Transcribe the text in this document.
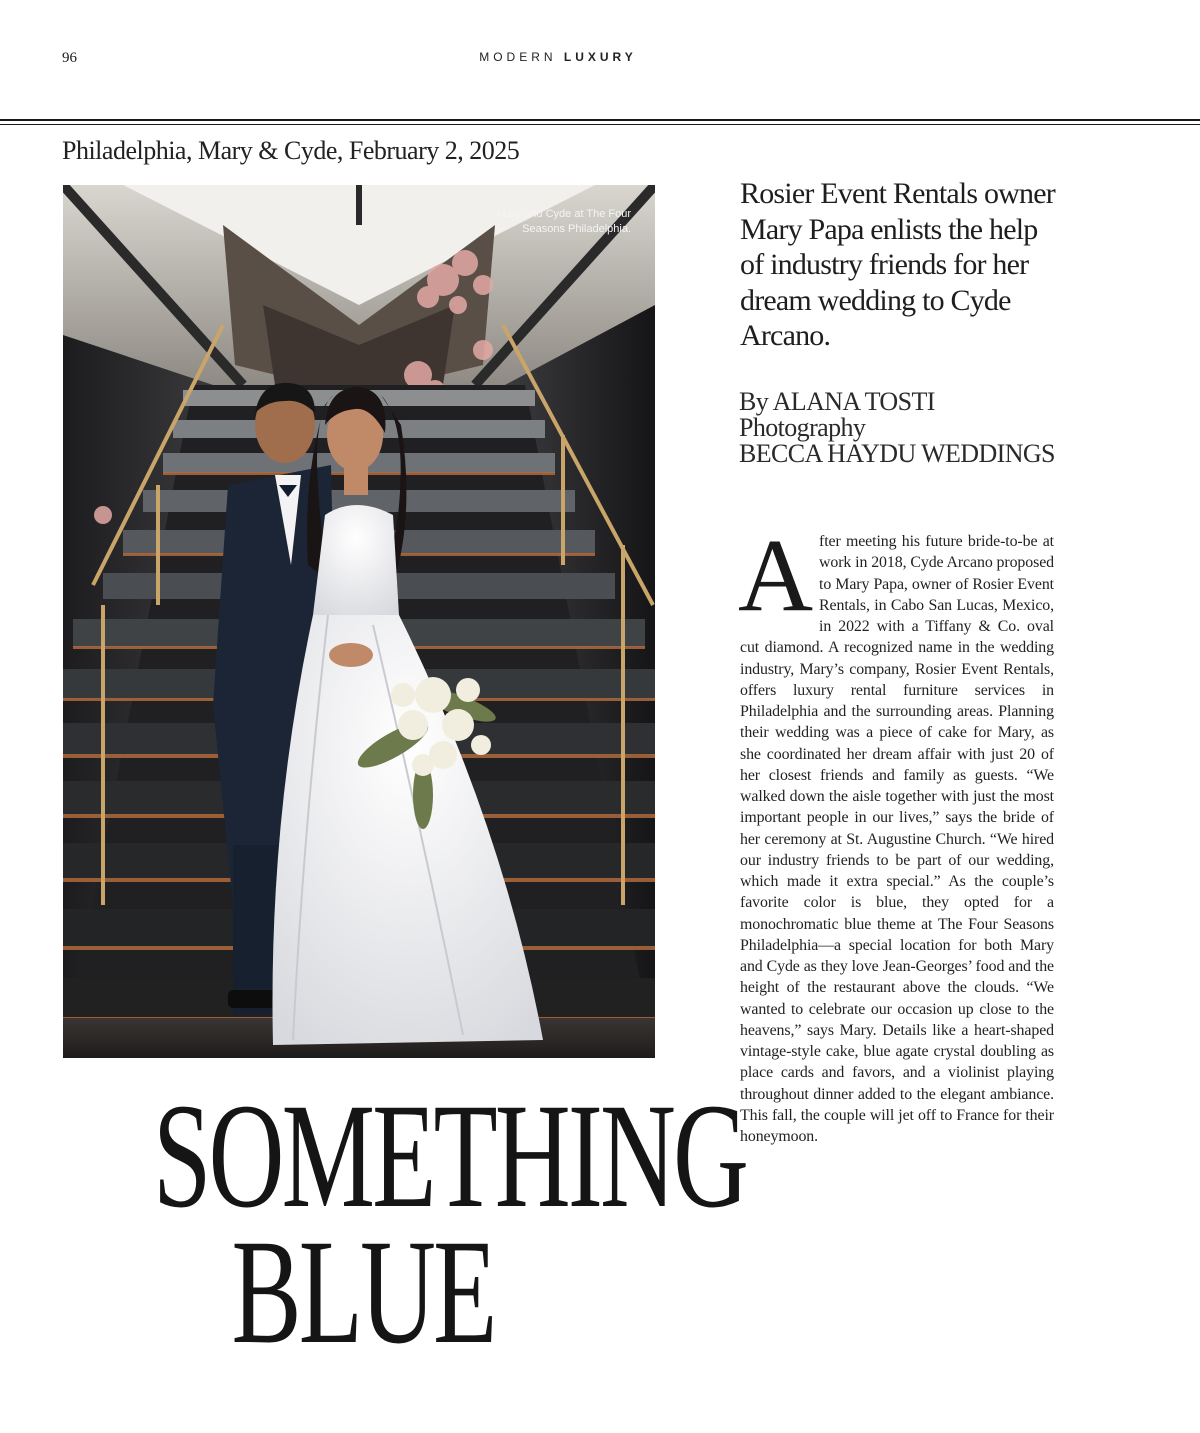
96	MODERN LUXURY
Philadelphia, Mary & Cyde, February 2, 2025
Mary and Cyde at The Four Seasons Philadelphia.
Rosier Event Rentals owner Mary Papa enlists the help of industry friends for her dream wedding to Cyde Arcano.
By ALANA TOSTI
Photography
BECCA HAYDU WEDDINGS
After meeting his future bride-to-be at work in 2018, Cyde Arcano proposed to Mary Papa, owner of Rosier Event Rentals, in Cabo San Lucas, Mexico, in 2022 with a Tiffany & Co. oval cut diamond. A recognized name in the wedding industry, Mary’s company, Rosier Event Rentals, offers luxury rental furniture services in Philadelphia and the surrounding areas. Planning their wedding was a piece of cake for Mary, as she coordinated her dream affair with just 20 of her closest friends and family as guests. “We walked down the aisle together with just the most important people in our lives,” says the bride of her ceremony at St. Augustine Church. “We hired our industry friends to be part of our wedding, which made it extra special.” As the couple’s favorite color is blue, they opted for a monochromatic blue theme at The Four Seasons Philadelphia—a special location for both Mary and Cyde as they love Jean-Georges’ food and the height of the restaurant above the clouds. “We wanted to celebrate our occasion up close to the heavens,” says Mary. Details like a heart-shaped vintage-style cake, blue agate crystal doubling as place cards and favors, and a violinist playing throughout dinner added to the elegant ambiance. This fall, the couple will jet off to France for their honeymoon.
SOMETHING
BLUE
